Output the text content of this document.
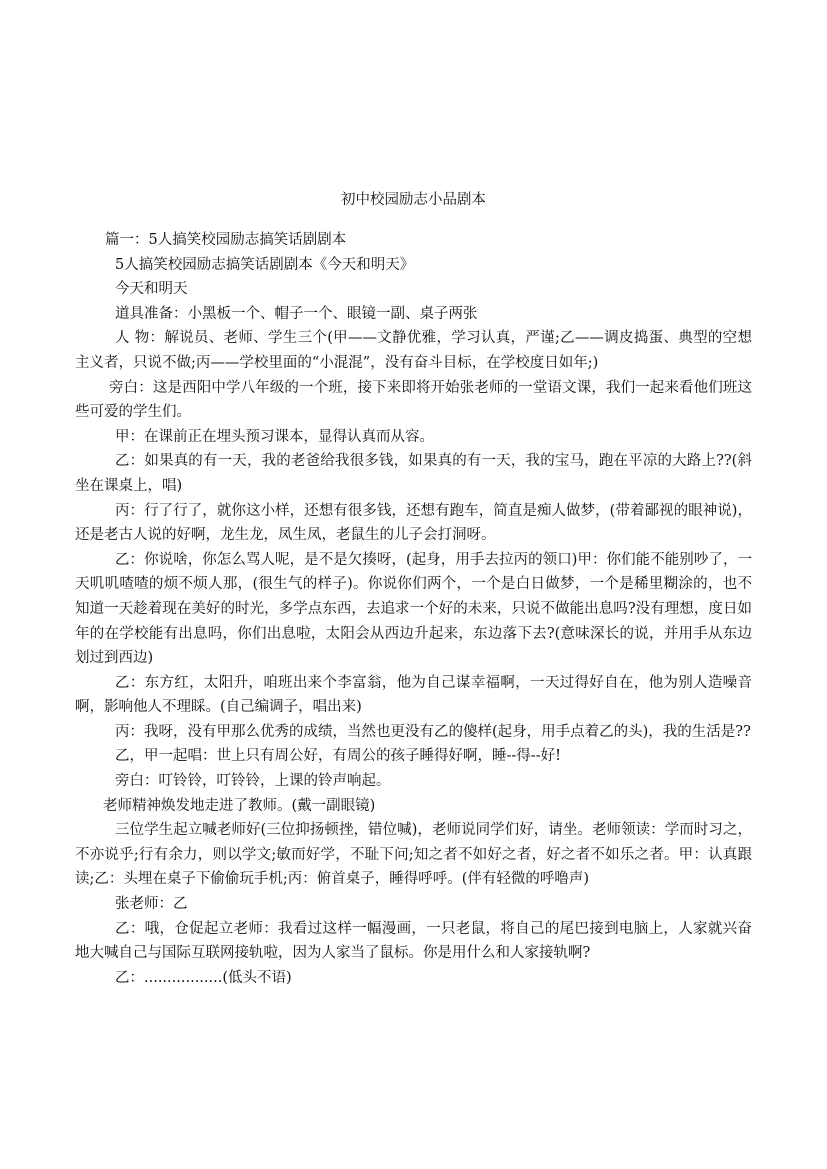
初中校园励志小品剧本

篇一：5人搞笑校园励志搞笑话剧剧本

5人搞笑校园励志搞笑话剧剧本《今天和明天》

今天和明天

道具准备：小黑板一个、帽子一个、眼镜一副、桌子两张

人 物：解说员、老师、学生三个(甲——文静优雅，学习认真，严谨;乙——调皮捣蛋、典型的空想主义者，只说不做;丙——学校里面的“小混混”，没有奋斗目标，在学校度日如年;)

旁白：这是西阳中学八年级的一个班，接下来即将开始张老师的一堂语文课，我们一起来看他们班这些可爱的学生们。

甲：在课前正在埋头预习课本，显得认真而从容。

乙：如果真的有一天，我的老爸给我很多钱，如果真的有一天，我的宝马，跑在平凉的大路上??(斜坐在课桌上，唱)

丙：行了行了，就你这小样，还想有很多钱，还想有跑车，简直是痴人做梦，(带着鄙视的眼神说)，还是老古人说的好啊，龙生龙，凤生凤，老鼠生的儿子会打洞呀。

乙：你说啥，你怎么骂人呢，是不是欠揍呀，(起身，用手去拉丙的领口)甲：你们能不能别吵了，一天叽叽喳喳的烦不烦人那，(很生气的样子)。你说你们两个，一个是白日做梦，一个是稀里糊涂的，也不知道一天趁着现在美好的时光，多学点东西，去追求一个好的未来，只说不做能出息吗?没有理想，度日如年的在学校能有出息吗，你们出息啦，太阳会从西边升起来，东边落下去?(意味深长的说，并用手从东边划过到西边)

乙：东方红，太阳升，咱班出来个李富翁，他为自己谋幸福啊，一天过得好自在，他为别人造噪音啊，影响他人不理睬。(自己编调子，唱出来)

丙：我呀，没有甲那么优秀的成绩，当然也更没有乙的傻样(起身，用手点着乙的头)，我的生活是??

乙，甲一起唱：世上只有周公好，有周公的孩子睡得好啊，睡--得--好!

旁白：叮铃铃，叮铃铃，上课的铃声响起。

老师精神焕发地走进了教师。(戴一副眼镜)

三位学生起立喊老师好(三位抑扬顿挫，错位喊)，老师说同学们好，请坐。老师领读：学而时习之，不亦说乎;行有余力，则以学文;敏而好学，不耻下问;知之者不如好之者，好之者不如乐之者。甲：认真跟读;乙：头埋在桌子下偷偷玩手机;丙：俯首桌子，睡得呼呼。(伴有轻微的呼噜声)

张老师：乙

乙：哦，仓促起立老师：我看过这样一幅漫画，一只老鼠，将自己的尾巴接到电脑上，人家就兴奋地大喊自己与国际互联网接轨啦，因为人家当了鼠标。你是用什么和人家接轨啊?

乙：.................(低头不语)
